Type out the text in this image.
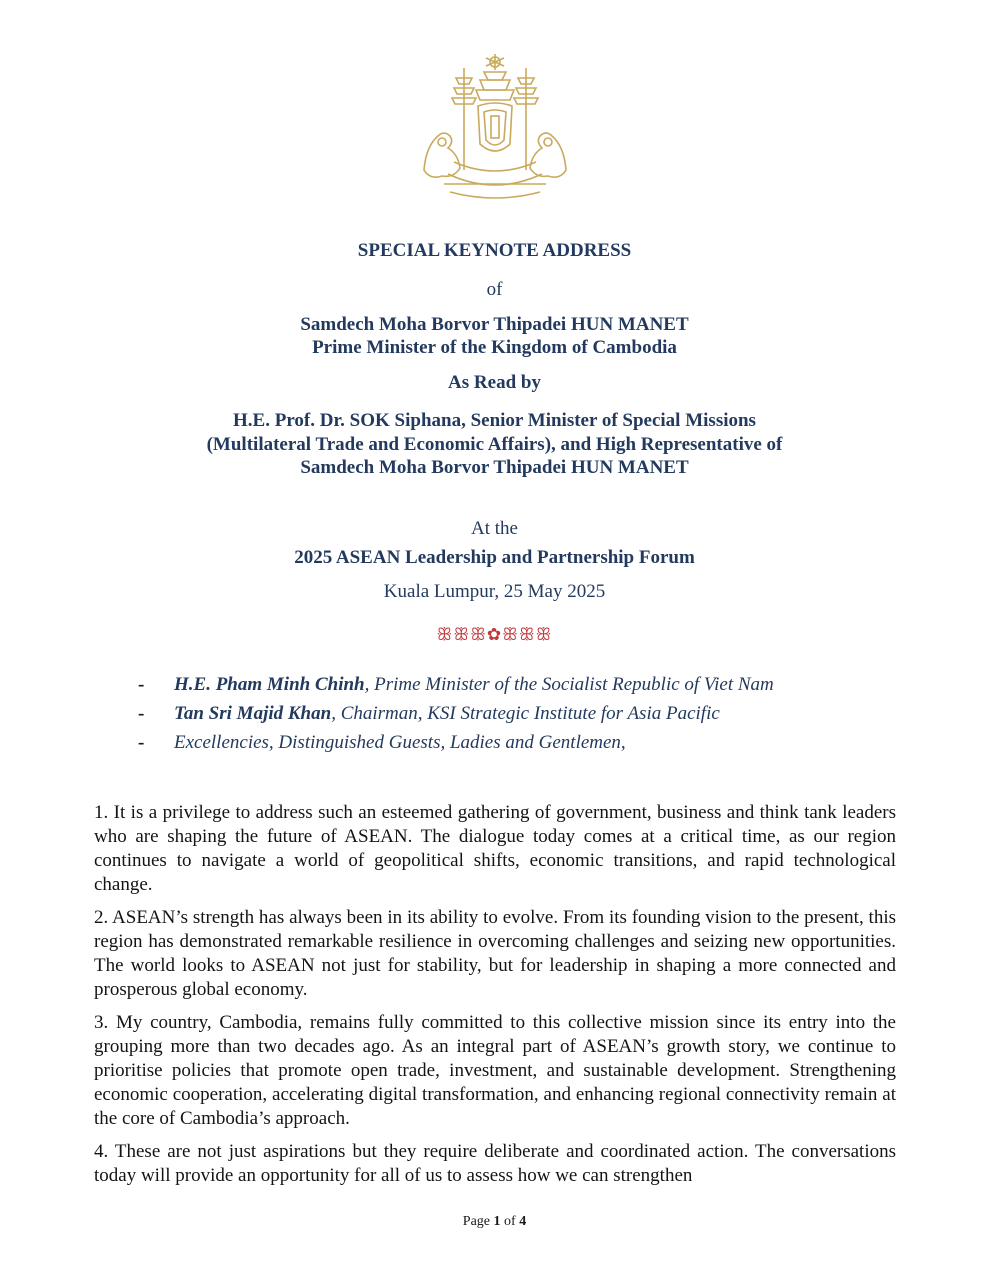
SPECIAL KEYNOTE ADDRESS
of
Samdech Moha Borvor Thipadei HUN MANET
Prime Minister of the Kingdom of Cambodia
As Read by
H.E. Prof. Dr. SOK Siphana, Senior Minister of Special Missions
(Multilateral Trade and Economic Affairs), and High Representative of
Samdech Moha Borvor Thipadei HUN MANET
At the
2025 ASEAN Leadership and Partnership Forum
Kuala Lumpur, 25 May 2025
ꕥꕥꕥ✿ꕥꕥꕥ
- H.E. Pham Minh Chinh, Prime Minister of the Socialist Republic of Viet Nam
- Tan Sri Majid Khan, Chairman, KSI Strategic Institute for Asia Pacific
- Excellencies, Distinguished Guests, Ladies and Gentlemen,

1. It is a privilege to address such an esteemed gathering of government, business and think tank leaders who are shaping the future of ASEAN. The dialogue today comes at a critical time, as our region continues to navigate a world of geopolitical shifts, economic transitions, and rapid technological change.

2. ASEAN’s strength has always been in its ability to evolve. From its founding vision to the present, this region has demonstrated remarkable resilience in overcoming challenges and seizing new opportunities. The world looks to ASEAN not just for stability, but for leadership in shaping a more connected and prosperous global economy.

3. My country, Cambodia, remains fully committed to this collective mission since its entry into the grouping more than two decades ago. As an integral part of ASEAN’s growth story, we continue to prioritise policies that promote open trade, investment, and sustainable development. Strengthening economic cooperation, accelerating digital transformation, and enhancing regional connectivity remain at the core of Cambodia’s approach.

4. These are not just aspirations but they require deliberate and coordinated action. The conversations today will provide an opportunity for all of us to assess how we can strengthen

Page 1 of 4
